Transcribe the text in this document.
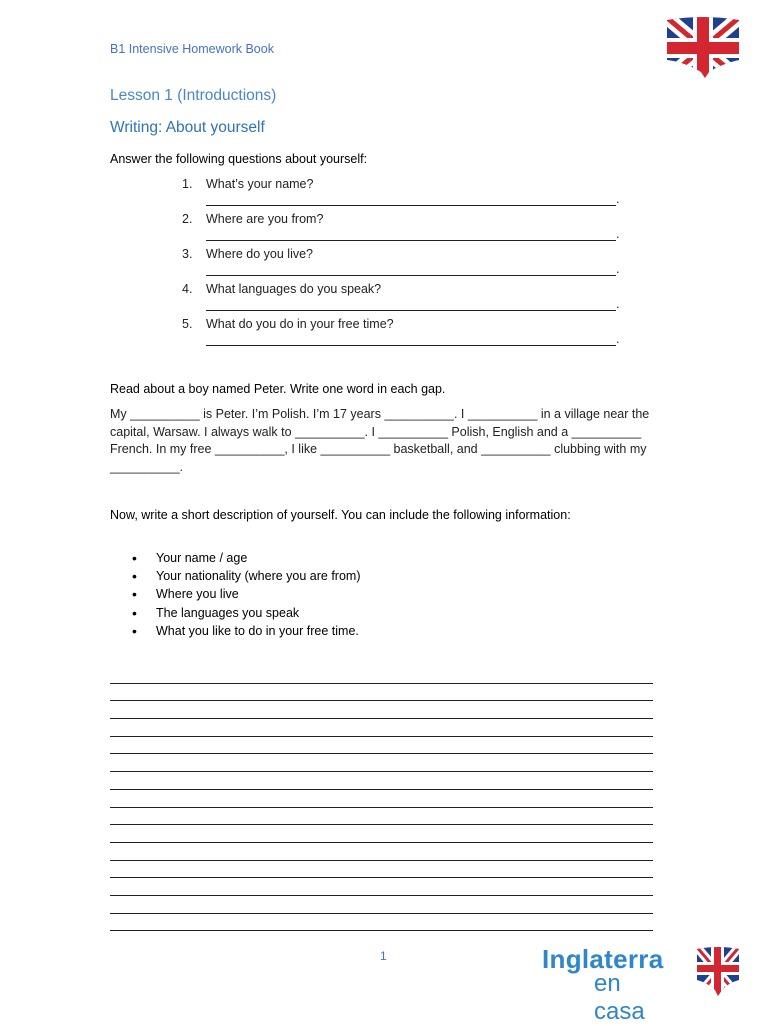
B1 Intensive Homework Book
Lesson 1 (Introductions)
Writing: About yourself
Answer the following questions about yourself:
1.	What’s your name?
.
2.	Where are you from?
.
3.	Where do you live?
.
4.	What languages do you speak?
.
5.	What do you do in your free time?
.
Read about a boy named Peter. Write one word in each gap.
My __________ is Peter. I’m Polish. I’m 17 years __________. I __________ in a village near the capital, Warsaw. I always walk to __________. I __________ Polish, English and a __________ French. In my free __________, I like __________ basketball, and __________ clubbing with my __________.
Now, write a short description of yourself. You can include the following information:
• Your name / age
• Your nationality (where you are from)
• Where you live
• The languages you speak
• What you like to do in your free time.
1	Inglaterra
en casa
